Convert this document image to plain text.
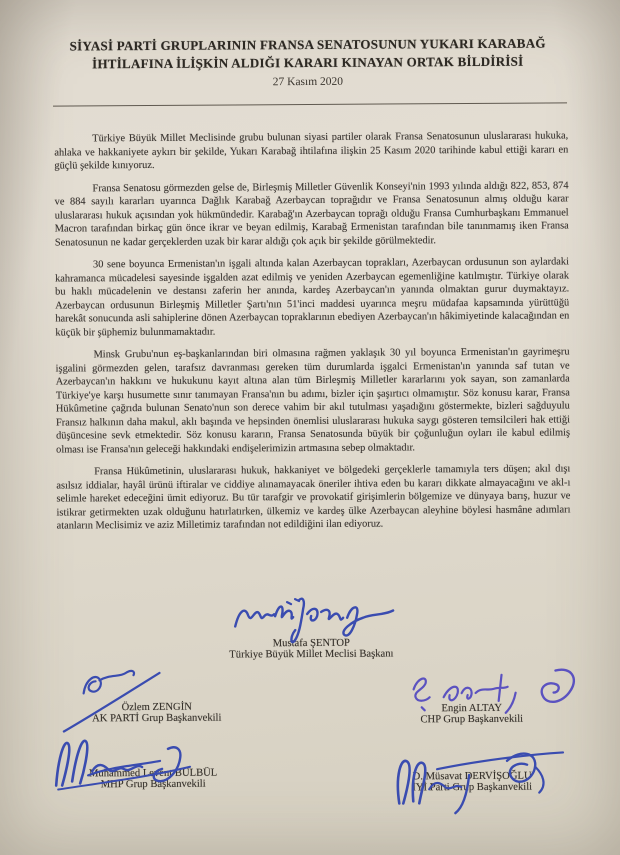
SİYASİ PARTİ GRUPLARININ FRANSA SENATOSUNUN YUKARI KARABAĞ
İHTİLAFINA İLİŞKİN ALDIĞI KARARI KINAYAN ORTAK BİLDİRİSİ
27 Kasım 2020

Türkiye Büyük Millet Meclisinde grubu bulunan siyasi partiler olarak Fransa Senatosunun uluslararası hukuka, ahlaka ve hakkaniyete aykırı bir şekilde, Yukarı Karabağ ihtilafına ilişkin 25 Kasım 2020 tarihinde kabul ettiği kararı en güçlü şekilde kınıyoruz.

Fransa Senatosu görmezden gelse de, Birleşmiş Milletler Güvenlik Konseyi'nin 1993 yılında aldığı 822, 853, 874 ve 884 sayılı kararları uyarınca Dağlık Karabağ Azerbaycan toprağıdır ve Fransa Senatosunun almış olduğu karar uluslararası hukuk açısından yok hükmündedir. Karabağ'ın Azerbaycan toprağı olduğu Fransa Cumhurbaşkanı Emmanuel Macron tarafından birkaç gün önce ikrar ve beyan edilmiş, Karabağ Ermenistan tarafından bile tanınmamış iken Fransa Senatosunun ne kadar gerçeklerden uzak bir karar aldığı çok açık bir şekilde görülmektedir.

30 sene boyunca Ermenistan'ın işgali altında kalan Azerbaycan toprakları, Azerbaycan ordusunun son aylardaki kahramanca mücadelesi sayesinde işgalden azat edilmiş ve yeniden Azerbaycan egemenliğine katılmıştır. Türkiye olarak bu haklı mücadelenin ve destansı zaferin her anında, kardeş Azerbaycan'ın yanında olmaktan gurur duymaktayız. Azerbaycan ordusunun Birleşmiş Milletler Şartı'nın 51'inci maddesi uyarınca meşru müdafaa kapsamında yürüttüğü harekât sonucunda asli sahiplerine dönen Azerbaycan topraklarının ebediyen Azerbaycan'ın hâkimiyetinde kalacağından en küçük bir şüphemiz bulunmamaktadır.

Minsk Grubu'nun eş-başkanlarından biri olmasına rağmen yaklaşık 30 yıl boyunca Ermenistan'ın gayrimeşru işgalini görmezden gelen, tarafsız davranması gereken tüm durumlarda işgalci Ermenistan'ın yanında saf tutan ve Azerbaycan'ın hakkını ve hukukunu kayıt altına alan tüm Birleşmiş Milletler kararlarını yok sayan, son zamanlarda Türkiye'ye karşı husumette sınır tanımayan Fransa'nın bu adımı, bizler için şaşırtıcı olmamıştır. Söz konusu karar, Fransa Hükûmetine çağrıda bulunan Senato'nun son derece vahim bir akıl tutulması yaşadığını göstermekte, bizleri sağduyulu Fransız halkının daha makul, aklı başında ve hepsinden önemlisi uluslararası hukuka saygı gösteren temsilcileri hak ettiği düşüncesine sevk etmektedir. Söz konusu kararın, Fransa Senatosunda büyük bir çoğunluğun oyları ile kabul edilmiş olması ise Fransa'nın geleceği hakkındaki endişelerimizin artmasına sebep olmaktadır.

Fransa Hükûmetinin, uluslararası hukuk, hakkaniyet ve bölgedeki gerçeklerle tamamıyla ters düşen; akıl dışı asılsız iddialar, hayâl ürünü iftiralar ve ciddiye alınamayacak öneriler ihtiva eden bu kararı dikkate almayacağını ve akl-ı selimle hareket edeceğini ümit ediyoruz. Bu tür tarafgir ve provokatif girişimlerin bölgemize ve dünyaya barış, huzur ve istikrar getirmekten uzak olduğunu hatırlatırken, ülkemiz ve kardeş ülke Azerbaycan aleyhine böylesi hasmâne adımları atanların Meclisimiz ve aziz Milletimiz tarafından not edildiğini ilan ediyoruz.

Mustafa ŞENTOP
Türkiye Büyük Millet Meclisi Başkanı
Özlem ZENGİN
AK PARTİ Grup Başkanvekili
Muhammed Levent BÜLBÜL
MHP Grup Başkanvekili
Engin ALTAY
CHP Grup Başkanvekili
D. Müsavat DERVİŞOĞLU
İYİ Parti Grup Başkanvekili
